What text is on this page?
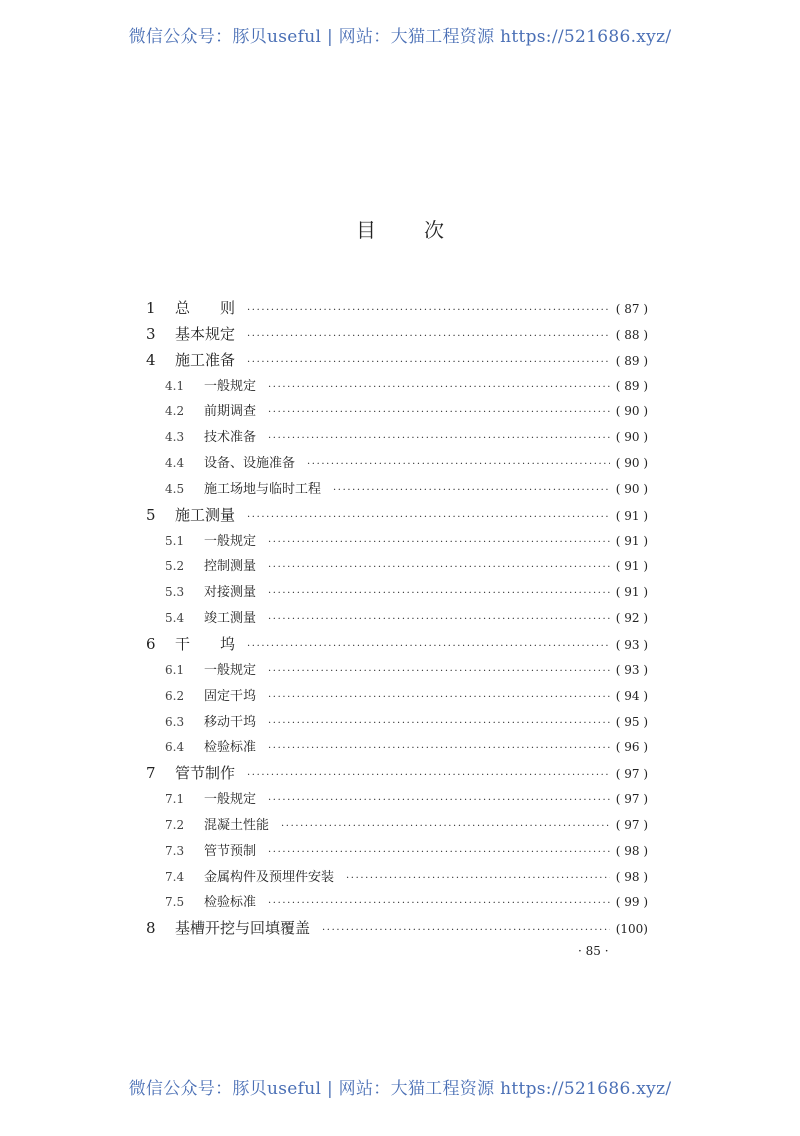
微信公众号：豚贝useful | 网站：大猫工程资源 https://521686.xyz/
目次
1	总　　则 ·····	( 87 )
3	基本规定 ·····	( 88 )
4	施工准备 ·····	( 89 )
4.1	一般规定 ·····	( 89 )
4.2	前期调查 ·····	( 90 )
4.3	技术准备 ·····	( 90 )
4.4	设备、设施准备 ·····	( 90 )
4.5	施工场地与临时工程 ·····	( 90 )
5	施工测量 ·····	( 91 )
5.1	一般规定 ·····	( 91 )
5.2	控制测量 ·····	( 91 )
5.3	对接测量 ·····	( 91 )
5.4	竣工测量 ·····	( 92 )
6	干　　坞 ·····	( 93 )
6.1	一般规定 ·····	( 93 )
6.2	固定干坞 ·····	( 94 )
6.3	移动干坞 ·····	( 95 )
6.4	检验标准 ·····	( 96 )
7	管节制作 ·····	( 97 )
7.1	一般规定 ·····	( 97 )
7.2	混凝土性能 ·····	( 97 )
7.3	管节预制 ·····	( 98 )
7.4	金属构件及预埋件安装 ·····	( 98 )
7.5	检验标准 ·····	( 99 )
8	基槽开挖与回填覆盖 ·····	(100)
· 85 ·
微信公众号：豚贝useful | 网站：大猫工程资源 https://521686.xyz/
